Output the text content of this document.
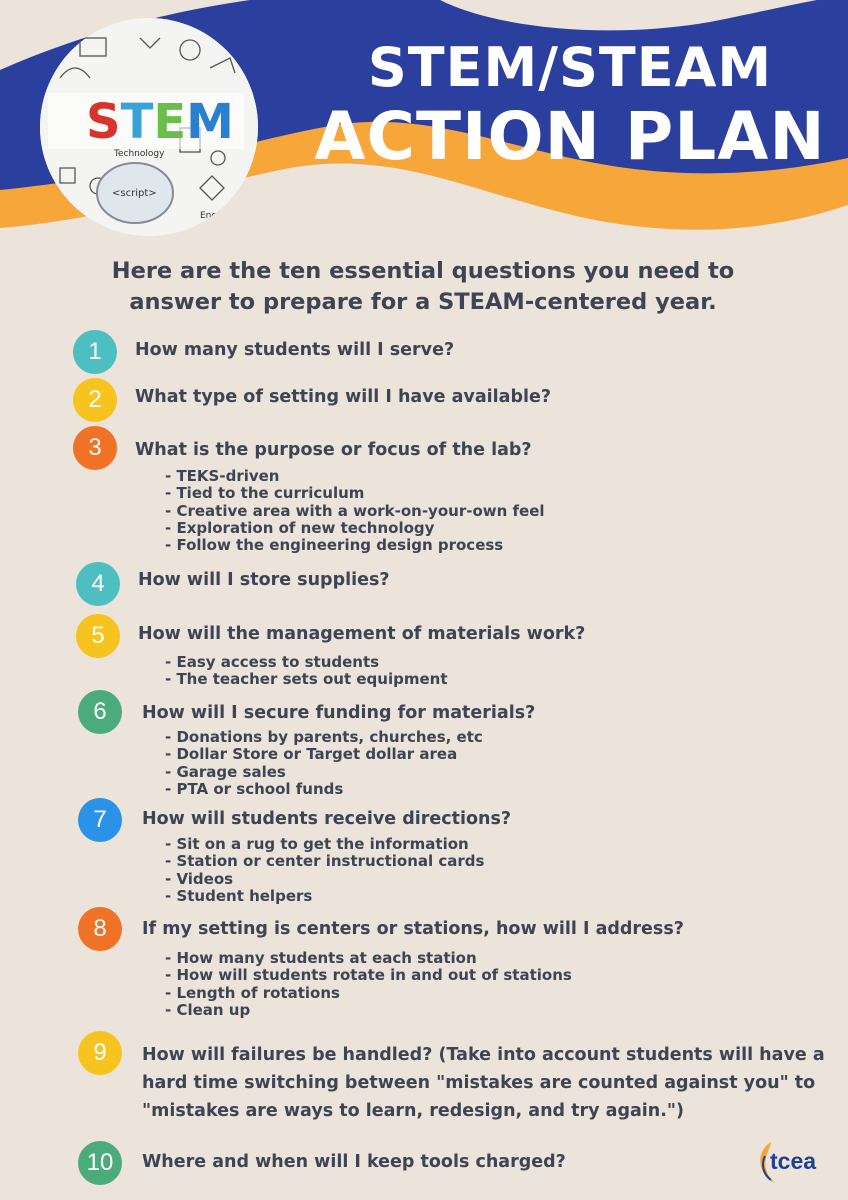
<script>
Technology
Engineering
STEM
STEM/STEAM
ACTION PLAN
Here are the ten essential questions you need to
answer to prepare for a STEAM-centered year.
1	How many students will I serve?
2	What type of setting will I have available?
3	What is the purpose or focus of the lab?
- TEKS-driven
- Tied to the curriculum
- Creative area with a work-on-your-own feel
- Exploration of new technology
- Follow the engineering design process
4	How will I store supplies?
5	How will the management of materials work?
- Easy access to students
- The teacher sets out equipment
6	How will I secure funding for materials?
- Donations by parents, churches, etc
- Dollar Store or Target dollar area
- Garage sales
- PTA or school funds
7	How will students receive directions?
- Sit on a rug to get the information
- Station or center instructional cards
- Videos
- Student helpers
8	If my setting is centers or stations, how will I address?
- How many students at each station
- How will students rotate in and out of stations
- Length of rotations
- Clean up
9	How will failures be handled? (Take into account students will have a hard time switching between "mistakes are counted against you" to "mistakes are ways to learn, redesign, and try again.")
10	Where and when will I keep tools charged?	tcea
